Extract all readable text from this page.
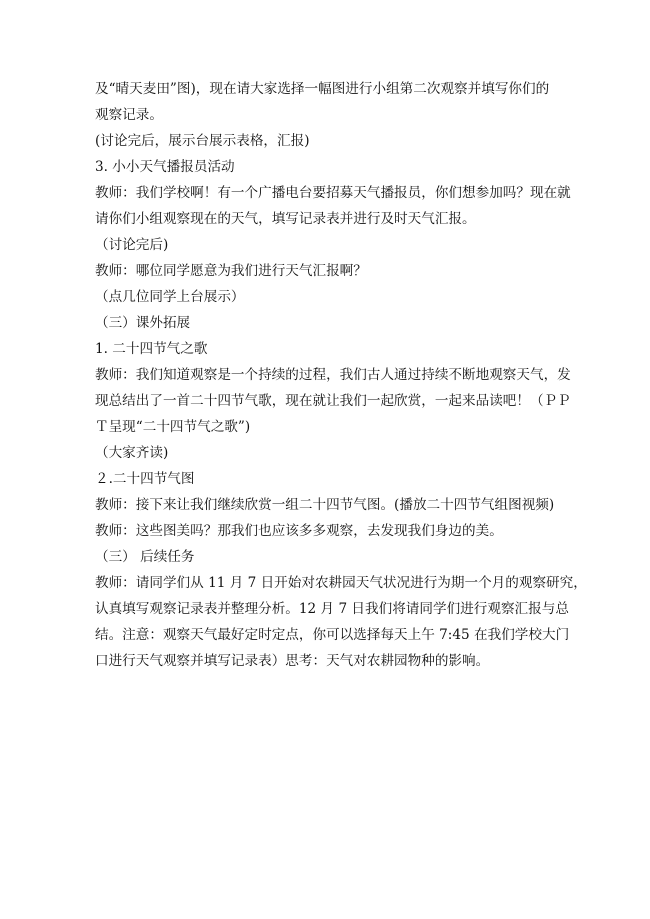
及“晴天麦田”图)，现在请大家选择一幅图进行小组第二次观察并填写你们的

观察记录。

(讨论完后，展示台展示表格，汇报)

3. 小小天气播报员活动

教师：我们学校啊！有一个广播电台要招募天气播报员，你们想参加吗？现在就

请你们小组观察现在的天气，填写记录表并进行及时天气汇报。

（讨论完后)

教师：哪位同学愿意为我们进行天气汇报啊？

（点几位同学上台展示）

（三）课外拓展

1. 二十四节气之歌

教师：我们知道观察是一个持续的过程，我们古人通过持续不断地观察天气，发

现总结出了一首二十四节气歌，现在就让我们一起欣赏，一起来品读吧！（ＰＰ

Ｔ呈现“二十四节气之歌”)

（大家齐读)

２.二十四节气图

教师：接下来让我们继续欣赏一组二十四节气图。(播放二十四节气组图视频)

教师：这些图美吗？那我们也应该多多观察，去发现我们身边的美。

（三） 后续任务

教师：请同学们从 11 月 7 日开始对农耕园天气状况进行为期一个月的观察研究，

认真填写观察记录表并整理分析。12 月 7 日我们将请同学们进行观察汇报与总

结。注意：观察天气最好定时定点，你可以选择每天上午 7:45 在我们学校大门

口进行天气观察并填写记录表）思考：天气对农耕园物种的影响。
